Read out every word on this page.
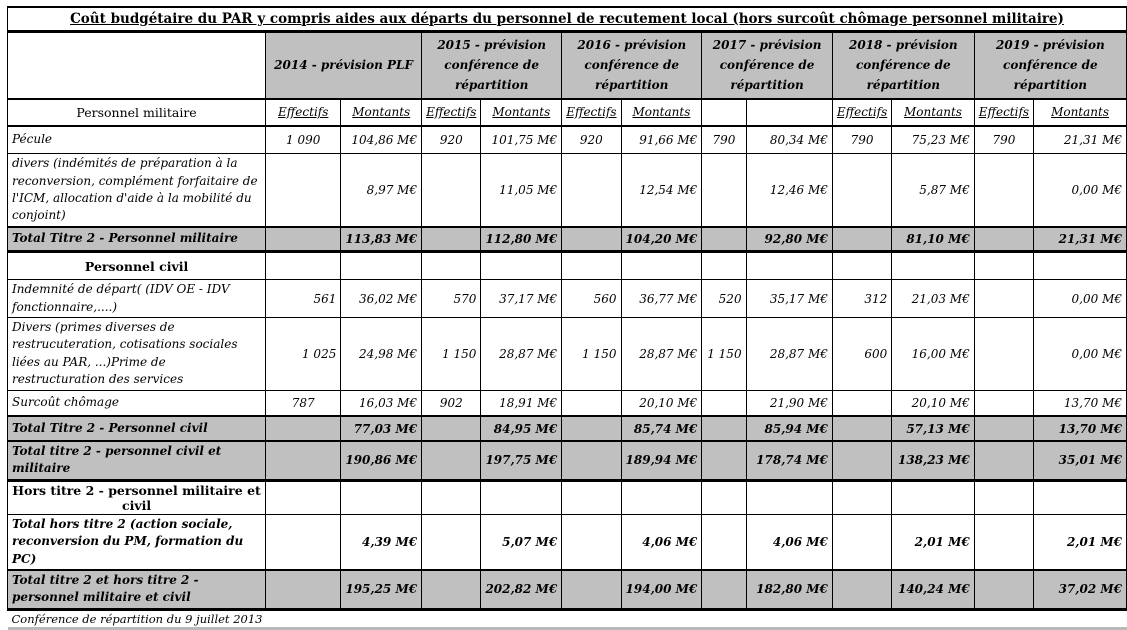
Coût budgétaire du PAR y compris aides aux départs du personnel de recutement local (hors surcoût chômage personnel militaire)												
	2014 - prévision PLF		2015 - prévision conférence de répartition		2016 - prévision conférence de répartition		2017 - prévision conférence de répartition		2018 - prévision conférence de répartition		2019 - prévision conférence de répartition	
Personnel militaire	Effectifs	Montants	Effectifs	Montants	Effectifs	Montants			Effectifs	Montants	Effectifs	Montants
Pécule	1 090	104,86 M€	920	101,75 M€	920	91,66 M€	790	80,34 M€	790	75,23 M€	790	21,31 M€
divers (indémités de préparation à la reconversion, complément forfaitaire de l'ICM, allocation d'aide à la mobilité du conjoint)		8,97 M€		11,05 M€		12,54 M€		12,46 M€		5,87 M€		0,00 M€
Total Titre 2 - Personnel militaire		113,83 M€		112,80 M€		104,20 M€		92,80 M€		81,10 M€		21,31 M€
Personnel civil												
Indemnité de départ( (IDV OE - IDV fonctionnaire,....)	561	36,02 M€	570	37,17 M€	560	36,77 M€	520	35,17 M€	312	21,03 M€		0,00 M€
Divers (primes diverses de restrucuteration, cotisations sociales liées au PAR, ...)Prime de restructuration des services	1 025	24,98 M€	1 150	28,87 M€	1 150	28,87 M€	1 150	28,87 M€	600	16,00 M€		0,00 M€
Surcoût chômage	787	16,03 M€	902	18,91 M€		20,10 M€		21,90 M€		20,10 M€		13,70 M€
Total Titre 2 - Personnel civil		77,03 M€		84,95 M€		85,74 M€		85,94 M€		57,13 M€		13,70 M€
Total titre 2 - personnel civil et militaire		190,86 M€		197,75 M€		189,94 M€		178,74 M€		138,23 M€		35,01 M€
Hors titre 2 - personnel militaire et civil												
Total hors titre 2 (action sociale, reconversion du PM, formation du PC)		4,39 M€		5,07 M€		4,06 M€		4,06 M€		2,01 M€		2,01 M€
Total titre 2 et hors titre 2 - personnel militaire et civil		195,25 M€		202,82 M€		194,00 M€		182,80 M€		140,24 M€		37,02 M€
Conférence de répartition du 9 juillet 2013												
